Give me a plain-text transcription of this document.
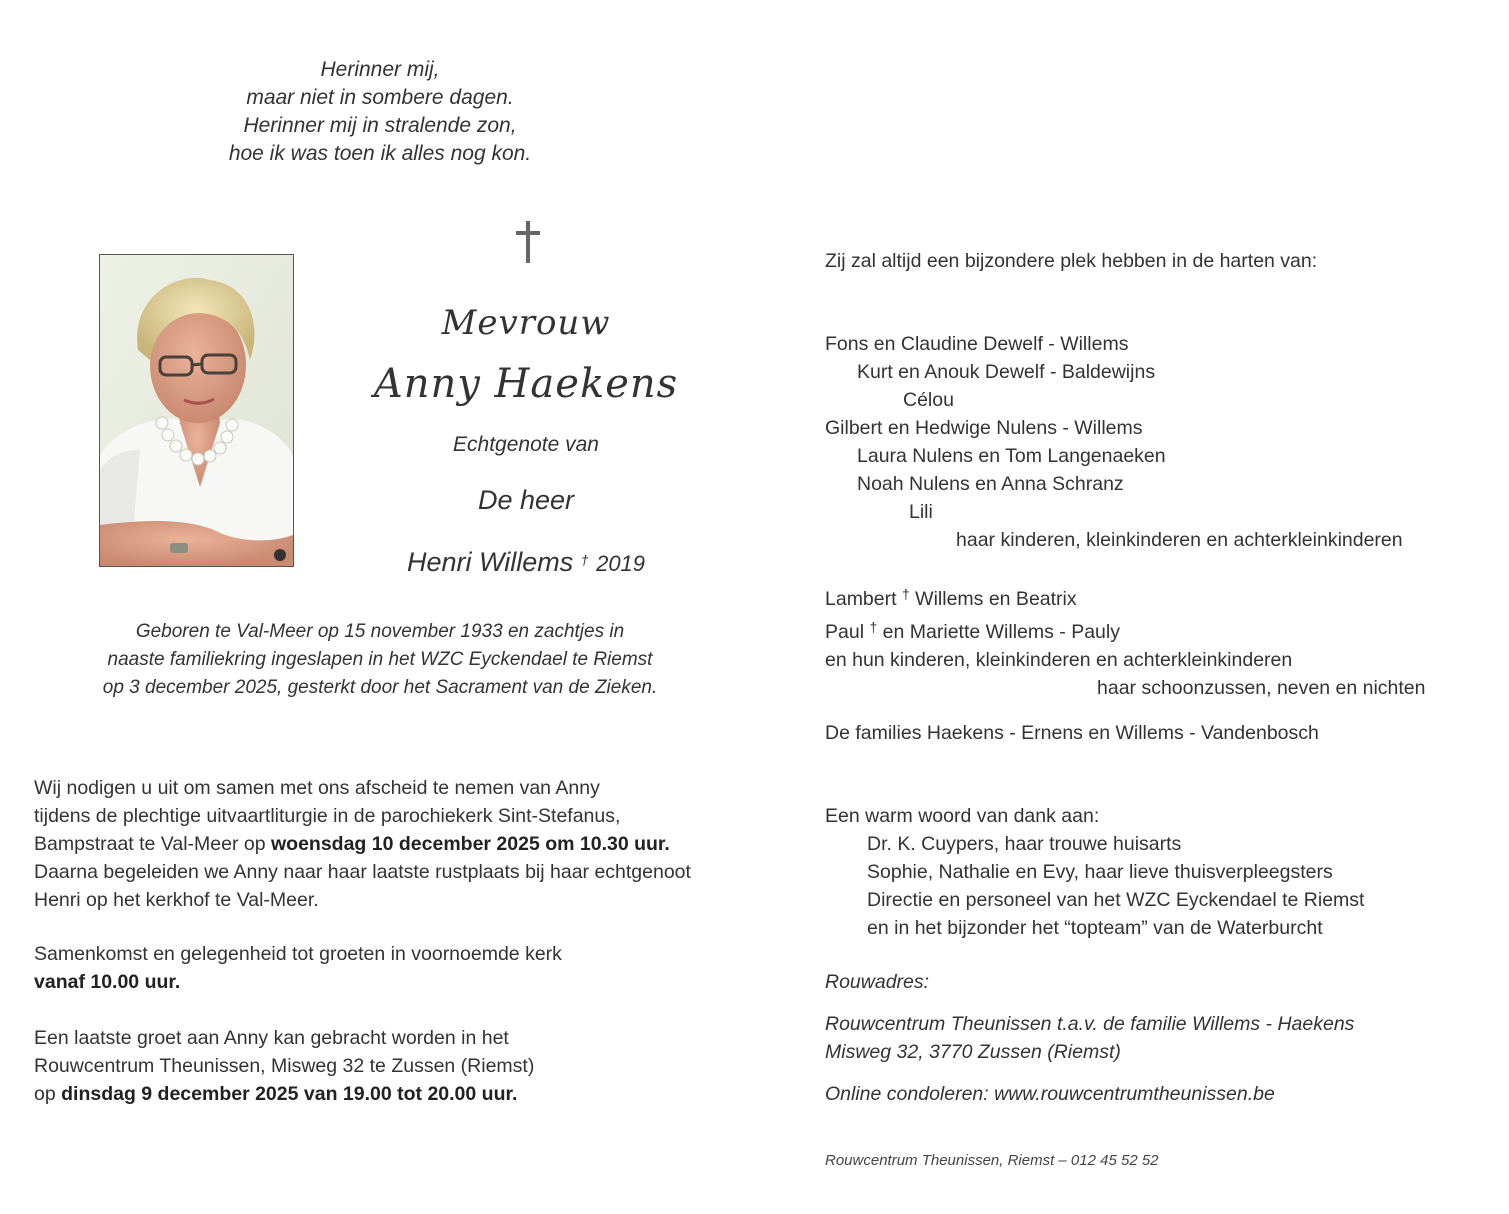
Herinner mij,
maar niet in sombere dagen.
Herinner mij in stralende zon,
hoe ik was toen ik alles nog kon.
Mevrouw
Anny Haekens
Echtgenote van
De heer
Henri Willems † 2019
Geboren te Val-Meer op 15 november 1933 en zachtjes in
naaste familiekring ingeslapen in het WZC Eyckendael te Riemst
op 3 december 2025, gesterkt door het Sacrament van de Zieken.
Wij nodigen u uit om samen met ons afscheid te nemen van Anny
tijdens de plechtige uitvaartliturgie in de parochiekerk Sint-Stefanus,
Bampstraat te Val-Meer op woensdag 10 december 2025 om 10.30 uur.
Daarna begeleiden we Anny naar haar laatste rustplaats bij haar echtgenoot
Henri op het kerkhof te Val-Meer.
Samenkomst en gelegenheid tot groeten in voornoemde kerk
vanaf 10.00 uur.
Een laatste groet aan Anny kan gebracht worden in het
Rouwcentrum Theunissen, Misweg 32 te Zussen (Riemst)
op dinsdag 9 december 2025 van 19.00 tot 20.00 uur.
Zij zal altijd een bijzondere plek hebben in de harten van:
Fons en Claudine Dewelf - Willems
Kurt en Anouk Dewelf - Baldewijns
Célou
Gilbert en Hedwige Nulens - Willems
Laura Nulens en Tom Langenaeken
Noah Nulens en Anna Schranz
Lili
haar kinderen, kleinkinderen en achterkleinkinderen
Lambert † Willems en Beatrix
Paul † en Mariette Willems - Pauly
en hun kinderen, kleinkinderen en achterkleinkinderen
haar schoonzussen, neven en nichten
De families Haekens - Ernens en Willems - Vandenbosch
Een warm woord van dank aan:
Dr. K. Cuypers, haar trouwe huisarts
Sophie, Nathalie en Evy, haar lieve thuisverpleegsters
Directie en personeel van het WZC Eyckendael te Riemst
en in het bijzonder het “topteam” van de Waterburcht
Rouwadres:
Rouwcentrum Theunissen t.a.v. de familie Willems - Haekens
Misweg 32, 3770 Zussen (Riemst)
Online condoleren: www.rouwcentrumtheunissen.be
Rouwcentrum Theunissen, Riemst – 012 45 52 52
